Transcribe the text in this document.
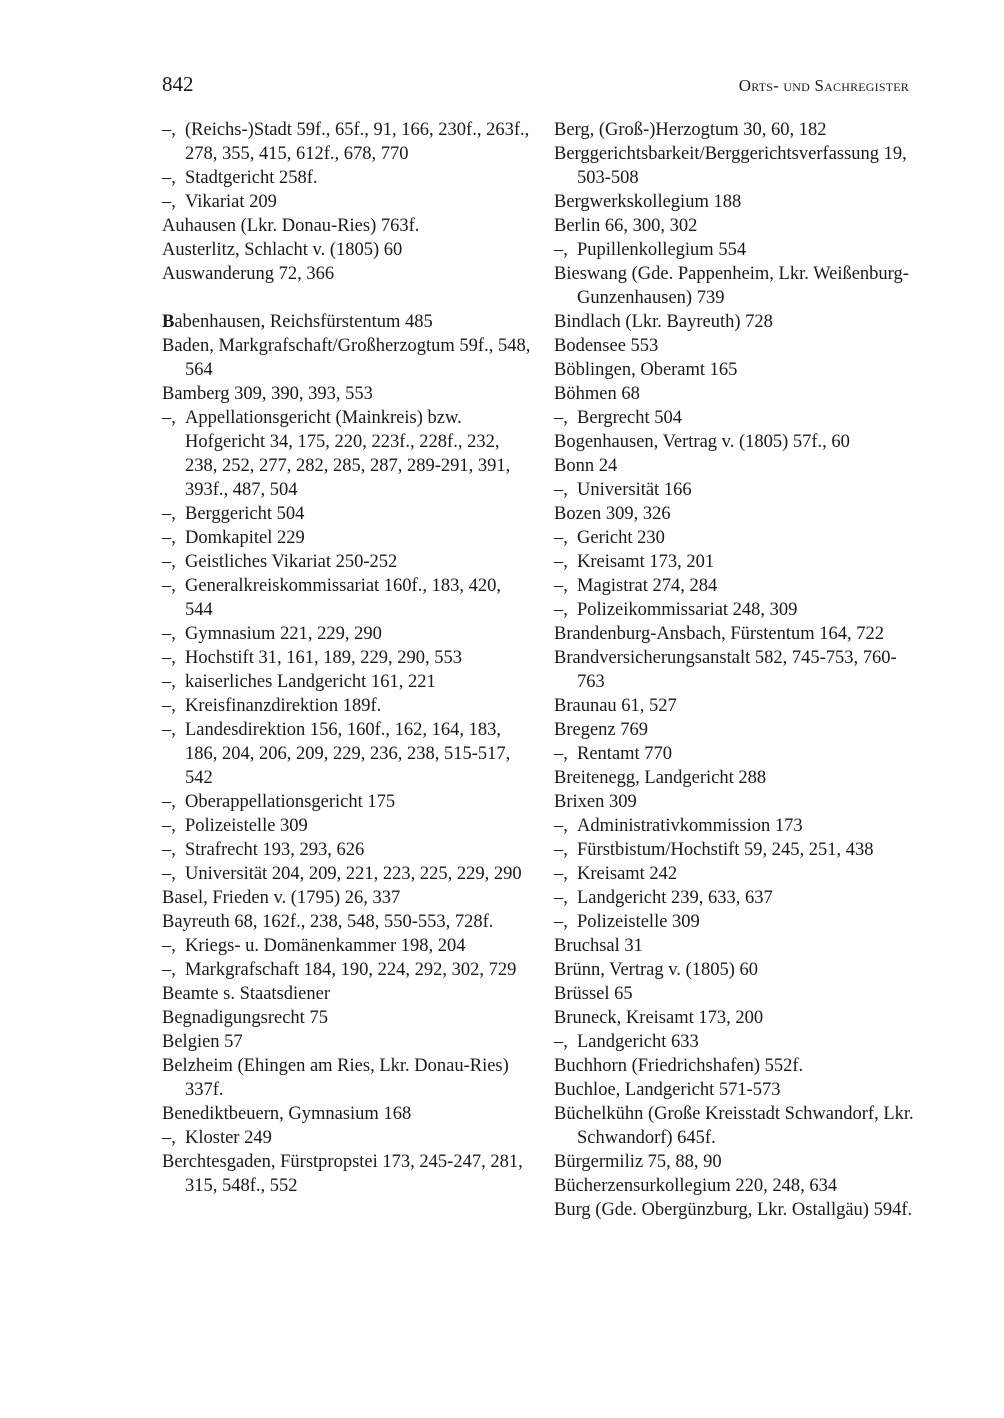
842	Orts- und Sachregister
–, (Reichs-)Stadt 59f., 65f., 91, 166, 230f., 263f., 278, 355, 415, 612f., 678, 770
–, Stadtgericht 258f.
–, Vikariat 209
Auhausen (Lkr. Donau-Ries) 763f.
Austerlitz, Schlacht v. (1805) 60
Auswanderung 72, 366
Babenhausen, Reichsfürstentum 485
Baden, Markgrafschaft/Großherzogtum 59f., 548, 564
Bamberg 309, 390, 393, 553
–, Appellationsgericht (Mainkreis) bzw. Hofgericht 34, 175, 220, 223f., 228f., 232, 238, 252, 277, 282, 285, 287, 289-291, 391, 393f., 487, 504
–, Berggericht 504
–, Domkapitel 229
–, Geistliches Vikariat 250-252
–, Generalkreiskommissariat 160f., 183, 420, 544
–, Gymnasium 221, 229, 290
–, Hochstift 31, 161, 189, 229, 290, 553
–, kaiserliches Landgericht 161, 221
–, Kreisfinanzdirektion 189f.
–, Landesdirektion 156, 160f., 162, 164, 183, 186, 204, 206, 209, 229, 236, 238, 515-517, 542
–, Oberappellationsgericht 175
–, Polizeistelle 309
–, Strafrecht 193, 293, 626
–, Universität 204, 209, 221, 223, 225, 229, 290
Basel, Frieden v. (1795) 26, 337
Bayreuth 68, 162f., 238, 548, 550-553, 728f.
–, Kriegs- u. Domänenkammer 198, 204
–, Markgrafschaft 184, 190, 224, 292, 302, 729
Beamte s. Staatsdiener
Begnadigungsrecht 75
Belgien 57
Belzheim (Ehingen am Ries, Lkr. Donau-Ries) 337f.
Benediktbeuern, Gymnasium 168
–, Kloster 249
Berchtesgaden, Fürstpropstei 173, 245-247, 281, 315, 548f., 552
Berg, (Groß-)Herzogtum 30, 60, 182
Berggerichtsbarkeit/Berggerichtsverfassung 19, 503-508
Bergwerkskollegium 188
Berlin 66, 300, 302
–, Pupillenkollegium 554
Bieswang (Gde. Pappenheim, Lkr. Weißenburg-Gunzenhausen) 739
Bindlach (Lkr. Bayreuth) 728
Bodensee 553
Böblingen, Oberamt 165
Böhmen 68
–, Bergrecht 504
Bogenhausen, Vertrag v. (1805) 57f., 60
Bonn 24
–, Universität 166
Bozen 309, 326
–, Gericht 230
–, Kreisamt 173, 201
–, Magistrat 274, 284
–, Polizeikommissariat 248, 309
Brandenburg-Ansbach, Fürstentum 164, 722
Brandversicherungsanstalt 582, 745-753, 760-763
Braunau 61, 527
Bregenz 769
–, Rentamt 770
Breitenegg, Landgericht 288
Brixen 309
–, Administrativkommission 173
–, Fürstbistum/Hochstift 59, 245, 251, 438
–, Kreisamt 242
–, Landgericht 239, 633, 637
–, Polizeistelle 309
Bruchsal 31
Brünn, Vertrag v. (1805) 60
Brüssel 65
Bruneck, Kreisamt 173, 200
–, Landgericht 633
Buchhorn (Friedrichshafen) 552f.
Buchloe, Landgericht 571-573
Büchelkühn (Große Kreisstadt Schwandorf, Lkr. Schwandorf) 645f.
Bürgermiliz 75, 88, 90
Bücherzensurkollegium 220, 248, 634
Burg (Gde. Obergünzburg, Lkr. Ostallgäu) 594f.
